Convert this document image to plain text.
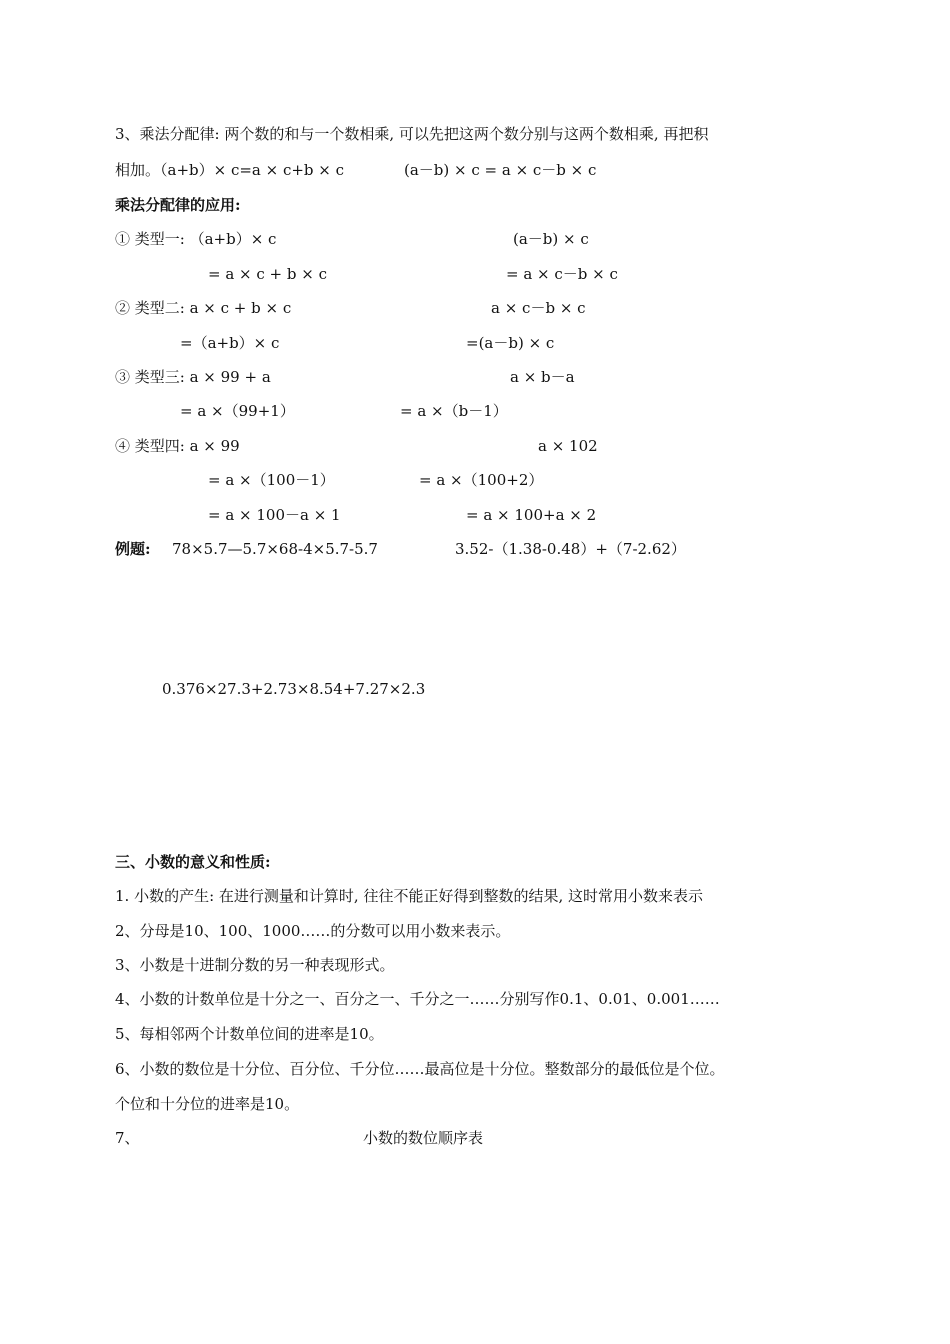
3、乘法分配律: 两个数的和与一个数相乘, 可以先把这两个数分别与这两个数相乘, 再把积
相加。（a+b）× c=a × c+b × c	(a－b) × c = a × c－b × c
乘法分配律的应用:
① 类型一: （a+b）× c	(a－b) × c
= a × c + b × c	= a × c－b × c
② 类型二: a × c + b × c	a × c－b × c
=（a+b）× c	=(a－b) × c
③ 类型三: a × 99 + a	a × b－a
= a ×（99+1）	= a ×（b－1）
④ 类型四: a × 99	a × 102
= a ×（100－1）	= a ×（100+2）
= a × 100－a × 1	= a × 100+a × 2
例题: 78×5.7—5.7×68-4×5.7-5.7	3.52-（1.38-0.48）+（7-2.62）
0.376×27.3+2.73×8.54+7.27×2.3
三、小数的意义和性质:
1. 小数的产生: 在进行测量和计算时, 往往不能正好得到整数的结果, 这时常用小数来表示
2、分母是10、100、1000……的分数可以用小数来表示。
3、小数是十进制分数的另一种表现形式。
4、小数的计数单位是十分之一、百分之一、千分之一……分别写作0.1、0.01、0.001……
5、每相邻两个计数单位间的进率是10。
6、小数的数位是十分位、百分位、千分位……最高位是十分位。整数部分的最低位是个位。
个位和十分位的进率是10。
7、	小数的数位顺序表
